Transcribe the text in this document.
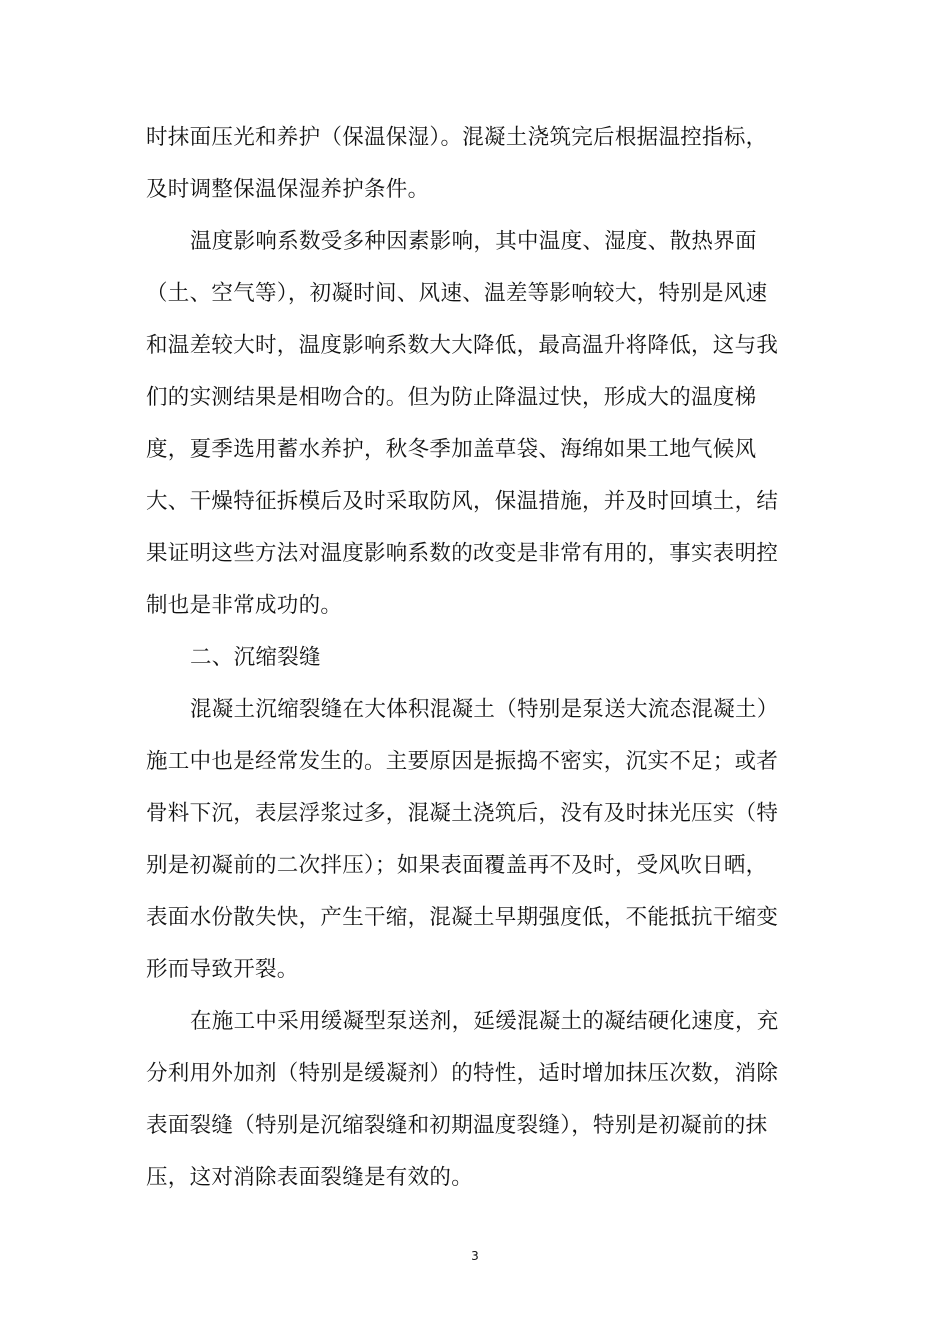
时抹面压光和养护（保温保湿）。混凝土浇筑完后根据温控指标，
及时调整保温保湿养护条件。
温度影响系数受多种因素影响，其中温度、湿度、散热界面
（土、空气等），初凝时间、风速、温差等影响较大，特别是风速
和温差较大时，温度影响系数大大降低，最高温升将降低，这与我
们的实测结果是相吻合的。但为防止降温过快，形成大的温度梯
度，夏季选用蓄水养护，秋冬季加盖草袋、海绵如果工地气候风
大、干燥特征拆模后及时采取防风，保温措施，并及时回填土，结
果证明这些方法对温度影响系数的改变是非常有用的，事实表明控
制也是非常成功的。
二、沉缩裂缝
混凝土沉缩裂缝在大体积混凝土（特别是泵送大流态混凝土）
施工中也是经常发生的。主要原因是振捣不密实，沉实不足；或者
骨料下沉，表层浮浆过多，混凝土浇筑后，没有及时抹光压实（特
别是初凝前的二次拌压）；如果表面覆盖再不及时，受风吹日晒，
表面水份散失快，产生干缩，混凝土早期强度低，不能抵抗干缩变
形而导致开裂。
在施工中采用缓凝型泵送剂，延缓混凝土的凝结硬化速度，充
分利用外加剂（特别是缓凝剂）的特性，适时增加抹压次数，消除
表面裂缝（特别是沉缩裂缝和初期温度裂缝），特别是初凝前的抹
压，这对消除表面裂缝是有效的。
3
